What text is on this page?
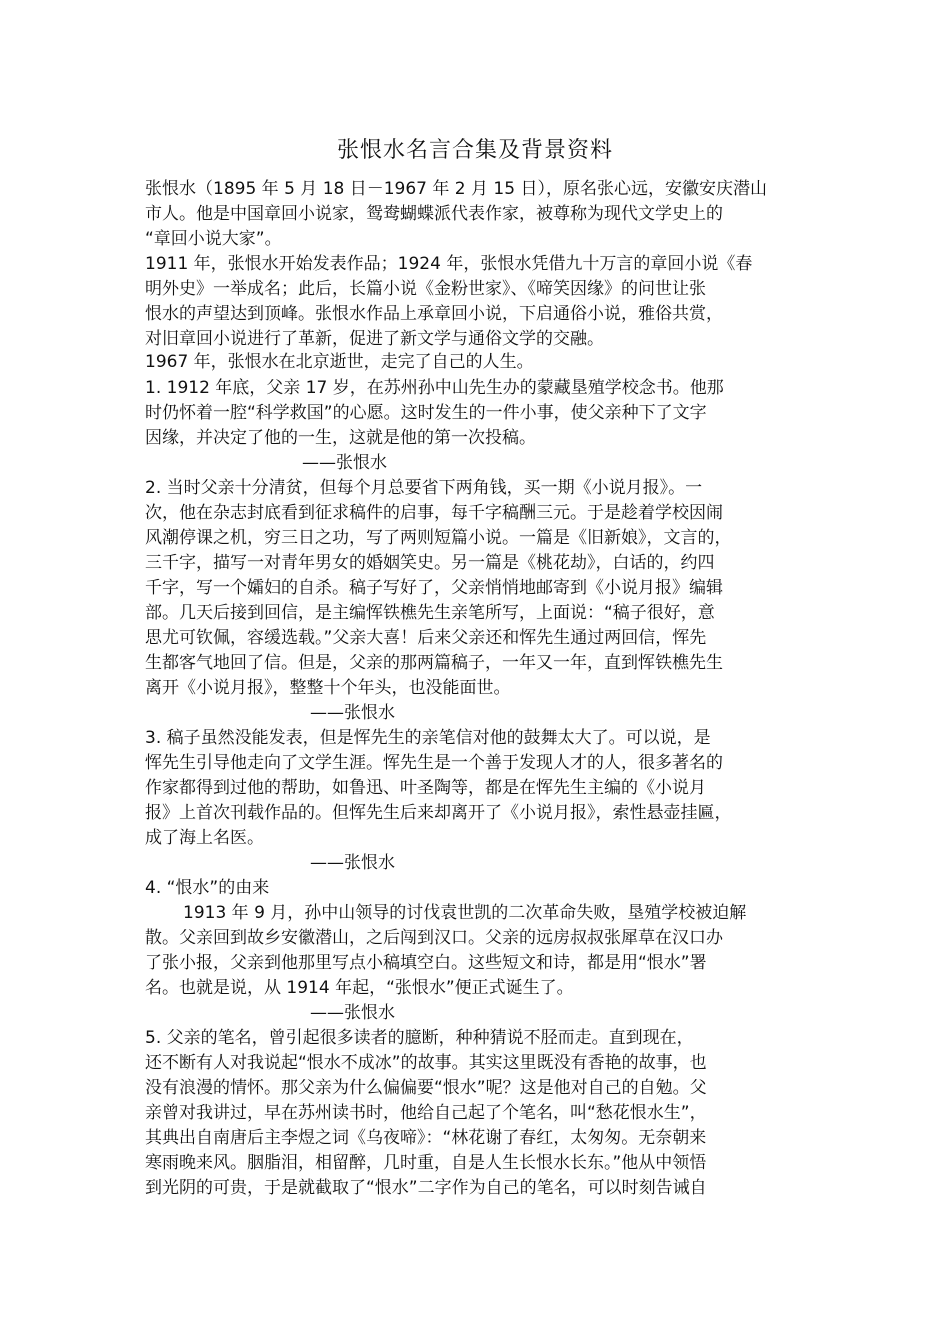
张恨水名言合集及背景资料
张恨水（1895 年 5 月 18 日－1967 年 2 月 15 日），原名张心远，安徽安庆潜山
市人。他是中国章回小说家，鸳鸯蝴蝶派代表作家，被尊称为现代文学史上的
“章回小说大家”。
1911 年，张恨水开始发表作品；1924 年，张恨水凭借九十万言的章回小说《春
明外史》一举成名；此后，长篇小说《金粉世家》、《啼笑因缘》的问世让张
恨水的声望达到顶峰。张恨水作品上承章回小说，下启通俗小说，雅俗共赏，
对旧章回小说进行了革新，促进了新文学与通俗文学的交融。
1967 年，张恨水在北京逝世，走完了自己的人生。
1. 1912 年底，父亲 17 岁，在苏州孙中山先生办的蒙藏垦殖学校念书。他那
时仍怀着一腔“科学救国”的心愿。这时发生的一件小事，使父亲种下了文字
因缘，并决定了他的一生，这就是他的第一次投稿。
——张恨水
2. 当时父亲十分清贫，但每个月总要省下两角钱，买一期《小说月报》。一
次，他在杂志封底看到征求稿件的启事，每千字稿酬三元。于是趁着学校因闹
风潮停课之机，穷三日之功，写了两则短篇小说。一篇是《旧新娘》，文言的，
三千字，描写一对青年男女的婚姻笑史。另一篇是《桃花劫》，白话的，约四
千字，写一个孀妇的自杀。稿子写好了，父亲悄悄地邮寄到《小说月报》编辑
部。几天后接到回信，是主编恽铁樵先生亲笔所写，上面说：“稿子很好，意
思尤可钦佩，容缓选载。”父亲大喜！后来父亲还和恽先生通过两回信，恽先
生都客气地回了信。但是，父亲的那两篇稿子，一年又一年，直到恽铁樵先生
离开《小说月报》，整整十个年头，也没能面世。
——张恨水
3. 稿子虽然没能发表，但是恽先生的亲笔信对他的鼓舞太大了。可以说，是
恽先生引导他走向了文学生涯。恽先生是一个善于发现人才的人，很多著名的
作家都得到过他的帮助，如鲁迅、叶圣陶等，都是在恽先生主编的《小说月
报》上首次刊载作品的。但恽先生后来却离开了《小说月报》，索性悬壶挂匾，
成了海上名医。
——张恨水
4. “恨水”的由来
1913 年 9 月，孙中山领导的讨伐袁世凯的二次革命失败，垦殖学校被迫解
散。父亲回到故乡安徽潜山，之后闯到汉口。父亲的远房叔叔张犀草在汉口办
了张小报，父亲到他那里写点小稿填空白。这些短文和诗，都是用“恨水”署
名。也就是说，从 1914 年起，“张恨水”便正式诞生了。
——张恨水
5. 父亲的笔名，曾引起很多读者的臆断，种种猜说不胫而走。直到现在，
还不断有人对我说起“恨水不成冰”的故事。其实这里既没有香艳的故事，也
没有浪漫的情怀。那父亲为什么偏偏要“恨水”呢？这是他对自己的自勉。父
亲曾对我讲过，早在苏州读书时，他给自己起了个笔名，叫“愁花恨水生”，
其典出自南唐后主李煜之词《乌夜啼》：“林花谢了春红，太匆匆。无奈朝来
寒雨晚来风。胭脂泪，相留醉，几时重，自是人生长恨水长东。”他从中领悟
到光阴的可贵，于是就截取了“恨水”二字作为自己的笔名，可以时刻告诫自
